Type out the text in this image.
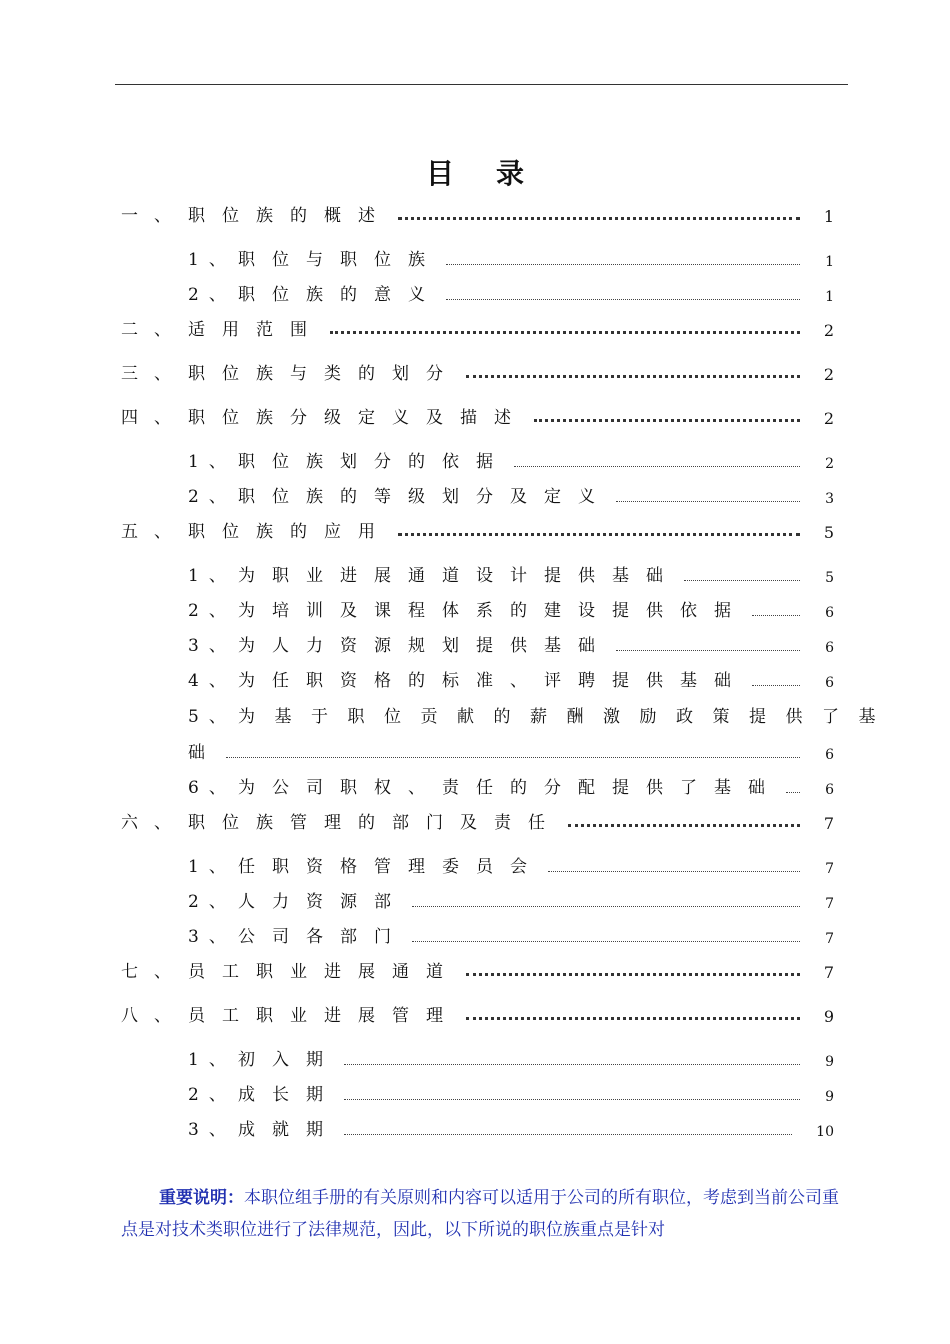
目录
一、 职位族的概述	1
1、 职位与职位族	1
2、 职位族的意义	1
二、 适用范围	2
三、 职位族与类的划分	2
四、 职位族分级定义及描述	2
1、 职位族划分的依据	2
2、 职位族的等级划分及定义	3
五、 职位族的应用	5
1、 为职业进展通道设计提供基础	5
2、 为培训及课程体系的建设提供依据	6
3、 为人力资源规划提供基础	6
4、 为任职资格的标准、评聘提供基础	6
5、 为基于职位贡献的薪酬激励政策提供了基
础	6
6、 为公司职权、责任的分配提供了基础	6
六、 职位族管理的部门及责任	7
1、 任职资格管理委员会	7
2、 人力资源部	7
3、 公司各部门	7
七、 员工职业进展通道	7
八、 员工职业进展管理	9
1、 初入期	9
2、 成长期	9
3、 成就期	10
重要说明：本职位组手册的有关原则和内容可以适用于公司的所有职位，考虑到当前公司重点是对技术类职位进行了法律规范，因此，以下所说的职位族重点是针对
